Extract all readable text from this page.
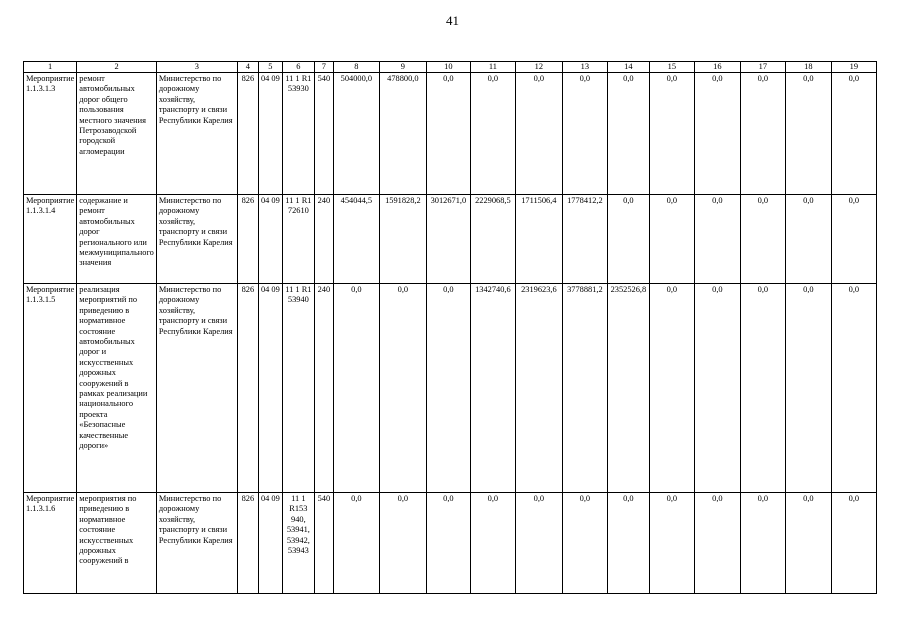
41
1	2	3	4	5	6	7	8	9	10	11	12	13	14	15	16	17	18	19
Мероприятие 1.1.3.1.3	ремонт автомобильных дорог общего пользования местного значения Петрозаводской городской агломерации	Министерство по дорожному хозяйству, транспорту и связи Республики Карелия	826	04 09	11 1 R1 53930	540	504000,0	478800,0	0,0	0,0	0,0	0,0	0,0	0,0	0,0	0,0	0,0	0,0
Мероприятие 1.1.3.1.4	содержание и ремонт автомобильных дорог регионального или межмуниципального значения	Министерство по дорожному хозяйству, транспорту и связи Республики Карелия	826	04 09	11 1 R1 72610	240	454044,5	1591828,2	3012671,0	2229068,5	1711506,4	1778412,2	0,0	0,0	0,0	0,0	0,0	0,0
Мероприятие 1.1.3.1.5	реализация мероприятий по приведению в нормативное состояние автомобильных дорог и искусственных дорожных сооружений в рамках реализации национального проекта «Безопасные качественные дороги»	Министерство по дорожному хозяйству, транспорту и связи Республики Карелия	826	04 09	11 1 R1 53940	240	0,0	0,0	0,0	1342740,6	2319623,6	3778881,2	2352526,8	0,0	0,0	0,0	0,0	0,0
Мероприятие 1.1.3.1.6	мероприятия по приведению в нормативное состояние искусственных дорожных сооружений в	Министерство по дорожному хозяйству, транспорту и связи Республики Карелия	826	04 09	11 1 R153 940, 53941, 53942, 53943	540	0,0	0,0	0,0	0,0	0,0	0,0	0,0	0,0	0,0	0,0	0,0	0,0
